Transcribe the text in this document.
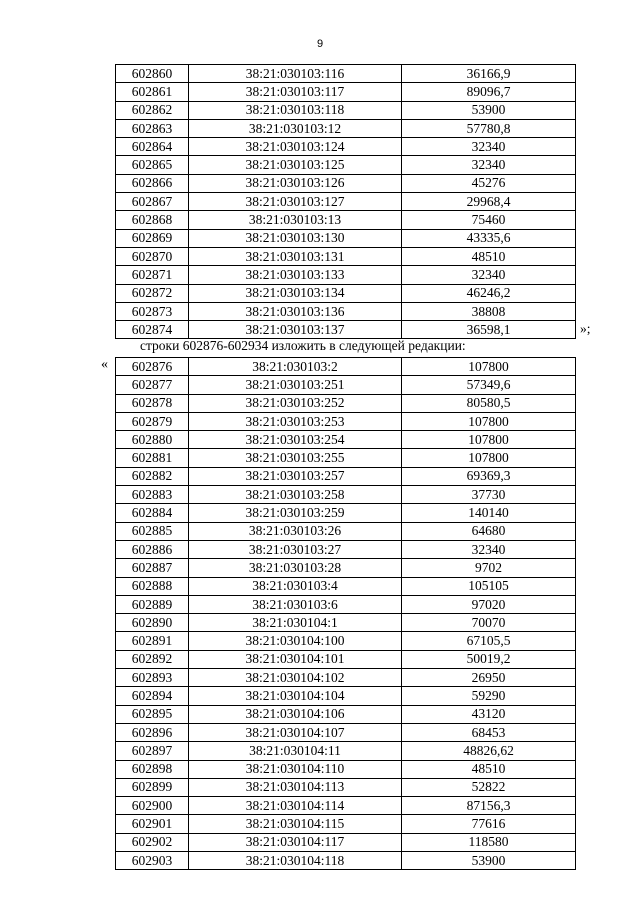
9
602860	38:21:030103:116	36166,9
602861	38:21:030103:117	89096,7
602862	38:21:030103:118	53900
602863	38:21:030103:12	57780,8
602864	38:21:030103:124	32340
602865	38:21:030103:125	32340
602866	38:21:030103:126	45276
602867	38:21:030103:127	29968,4
602868	38:21:030103:13	75460
602869	38:21:030103:130	43335,6
602870	38:21:030103:131	48510
602871	38:21:030103:133	32340
602872	38:21:030103:134	46246,2
602873	38:21:030103:136	38808
602874	38:21:030103:137	36598,1	»;
строки 602876-602934 изложить в следующей редакции:
« 602876	38:21:030103:2	107800
602877	38:21:030103:251	57349,6
602878	38:21:030103:252	80580,5
602879	38:21:030103:253	107800
602880	38:21:030103:254	107800
602881	38:21:030103:255	107800
602882	38:21:030103:257	69369,3
602883	38:21:030103:258	37730
602884	38:21:030103:259	140140
602885	38:21:030103:26	64680
602886	38:21:030103:27	32340
602887	38:21:030103:28	9702
602888	38:21:030103:4	105105
602889	38:21:030103:6	97020
602890	38:21:030104:1	70070
602891	38:21:030104:100	67105,5
602892	38:21:030104:101	50019,2
602893	38:21:030104:102	26950
602894	38:21:030104:104	59290
602895	38:21:030104:106	43120
602896	38:21:030104:107	68453
602897	38:21:030104:11	48826,62
602898	38:21:030104:110	48510
602899	38:21:030104:113	52822
602900	38:21:030104:114	87156,3
602901	38:21:030104:115	77616
602902	38:21:030104:117	118580
602903	38:21:030104:118	53900
